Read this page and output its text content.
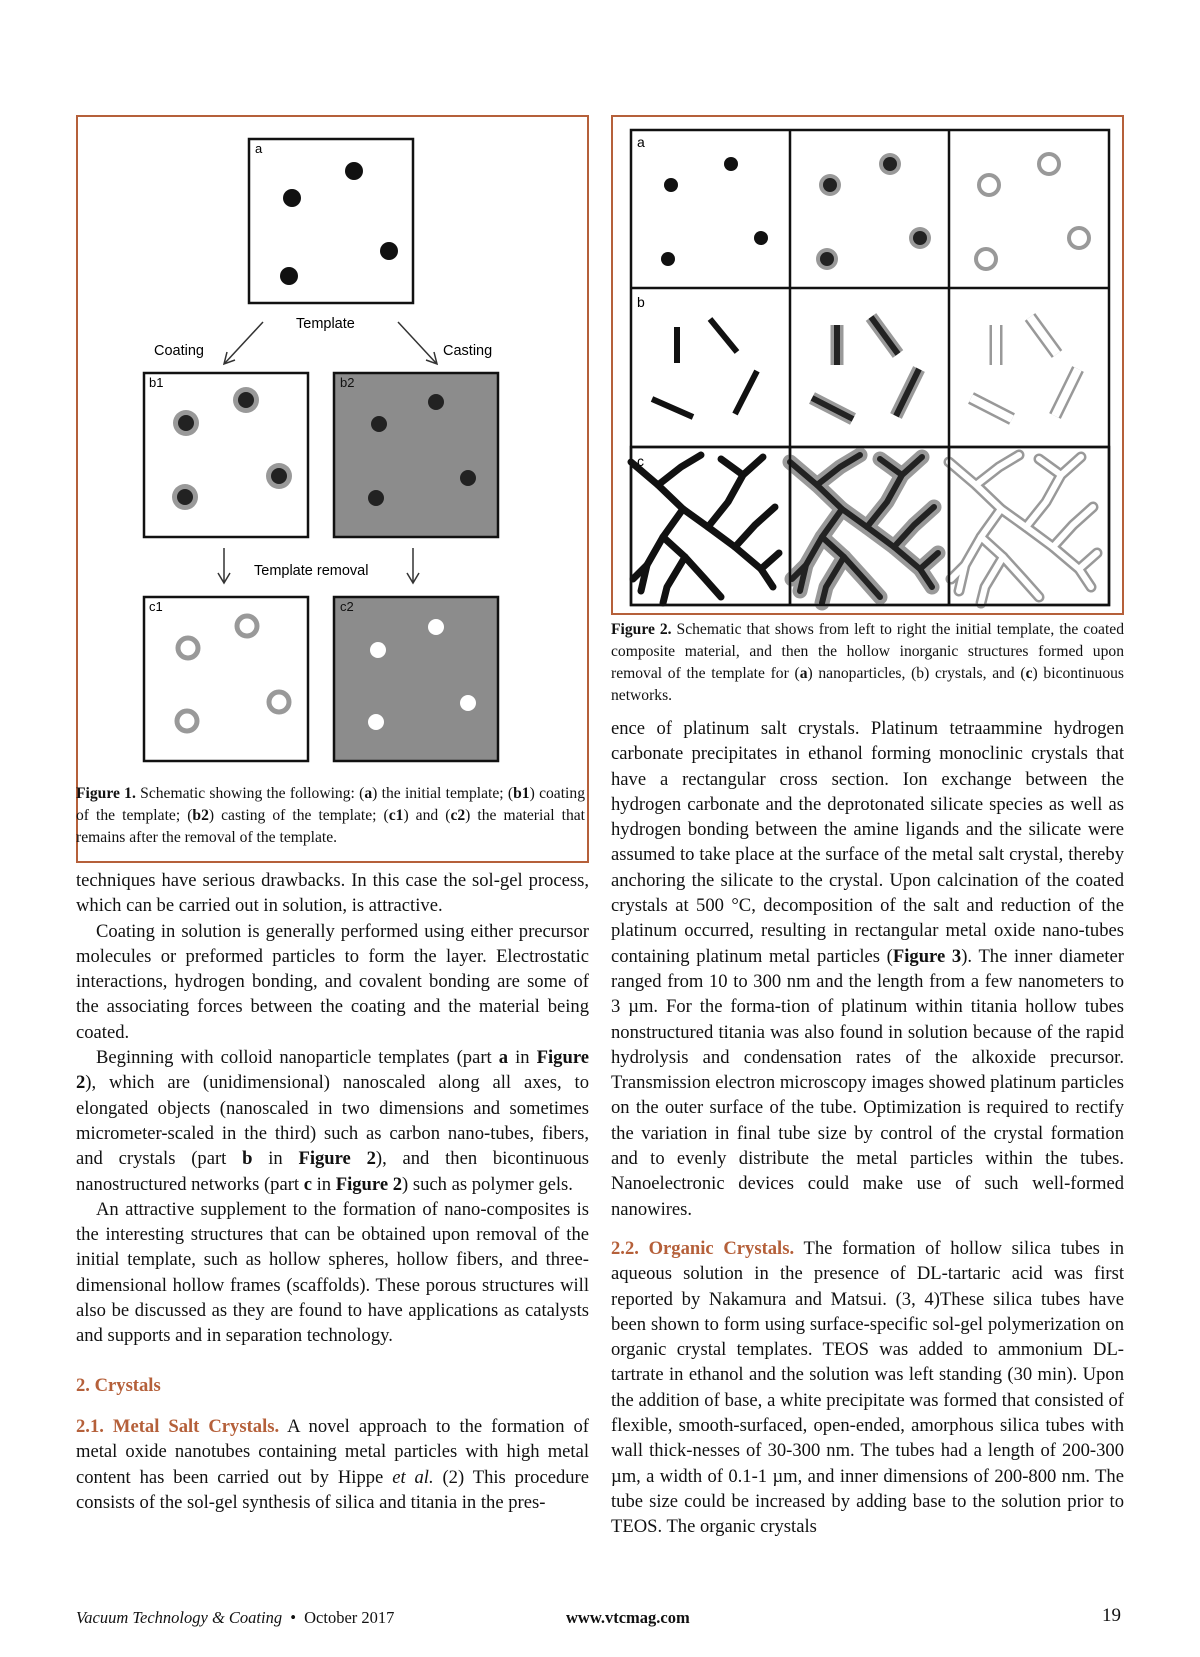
a
Template
Coating	Casting
b1	b2
Template removal
c1	c2
Figure 1. Schematic showing the following: (a) the initial template; (b1) coating of the template; (b2) casting of the template; (c1) and (c2) the material that remains after the removal of the template.
a
b
c
Figure 2. Schematic that shows from left to right the initial template, the coated composite material, and then the hollow inorganic structures formed upon removal of the template for (a) nanoparticles, (b) crystals, and (c) bicontinuous networks.

techniques have serious drawbacks. In this case the sol-gel process, which can be carried out in solution, is attractive.

Coating in solution is generally performed using either precursor molecules or preformed particles to form the layer. Electrostatic interactions, hydrogen bonding, and covalent bonding are some of the associating forces between the coating and the material being coated.

Beginning with colloid nanoparticle templates (part a in Figure 2), which are (unidimensional) nanoscaled along all axes, to elongated objects (nanoscaled in two dimensions and sometimes micrometer-scaled in the third) such as carbon nano-tubes, fibers, and crystals (part b in Figure 2), and then bicontinuous nanostructured networks (part c in Figure 2) such as polymer gels.

An attractive supplement to the formation of nano-composites is the interesting structures that can be obtained upon removal of the initial template, such as hollow spheres, hollow fibers, and three-dimensional hollow frames (scaffolds). These porous structures will also be discussed as they are found to have applications as catalysts and supports and in separation technology.

2. Crystals

2.1. Metal Salt Crystals. A novel approach to the formation of metal oxide nanotubes containing metal particles with high metal content has been carried out by Hippe et al. (2) This procedure consists of the sol-gel synthesis of silica and titania in the pres-

ence of platinum salt crystals. Platinum tetraammine hydrogen carbonate precipitates in ethanol forming monoclinic crystals that have a rectangular cross section. Ion exchange between the hydrogen carbonate and the deprotonated silicate species as well as hydrogen bonding between the amine ligands and the silicate were assumed to take place at the surface of the metal salt crystal, thereby anchoring the silicate to the crystal. Upon calcination of the coated crystals at 500 °C, decomposition of the salt and reduction of the platinum occurred, resulting in rectangular metal oxide nano-tubes containing platinum metal particles (Figure 3). The inner diameter ranged from 10 to 300 nm and the length from a few nanometers to 3 µm. For the forma-tion of platinum within titania hollow tubes nonstructured titania was also found in solution because of the rapid hydrolysis and condensation rates of the alkoxide precursor. Transmission electron microscopy images showed platinum particles on the outer surface of the tube. Optimization is required to rectify the variation in final tube size by control of the crystal formation and to evenly distribute the metal particles within the tubes. Nanoelectronic devices could make use of such well-formed nanowires.

2.2. Organic Crystals. The formation of hollow silica tubes in aqueous solution in the presence of DL-tartaric acid was first reported by Nakamura and Matsui. (3, 4)These silica tubes have been shown to form using surface-specific sol-gel polymerization on organic crystal templates. TEOS was added to ammonium DL-tartrate in ethanol and the solution was left standing (30 min). Upon the addition of base, a white precipitate was formed that consisted of flexible, smooth-surfaced, open-ended, amorphous silica tubes with wall thick-nesses of 30-300 nm. The tubes had a length of 200-300 µm, a width of 0.1-1 µm, and inner dimensions of 200-800 nm. The tube size could be increased by adding base to the solution prior to TEOS. The organic crystals

Vacuum Technology & Coating • October 2017	www.vtcmag.com	19
